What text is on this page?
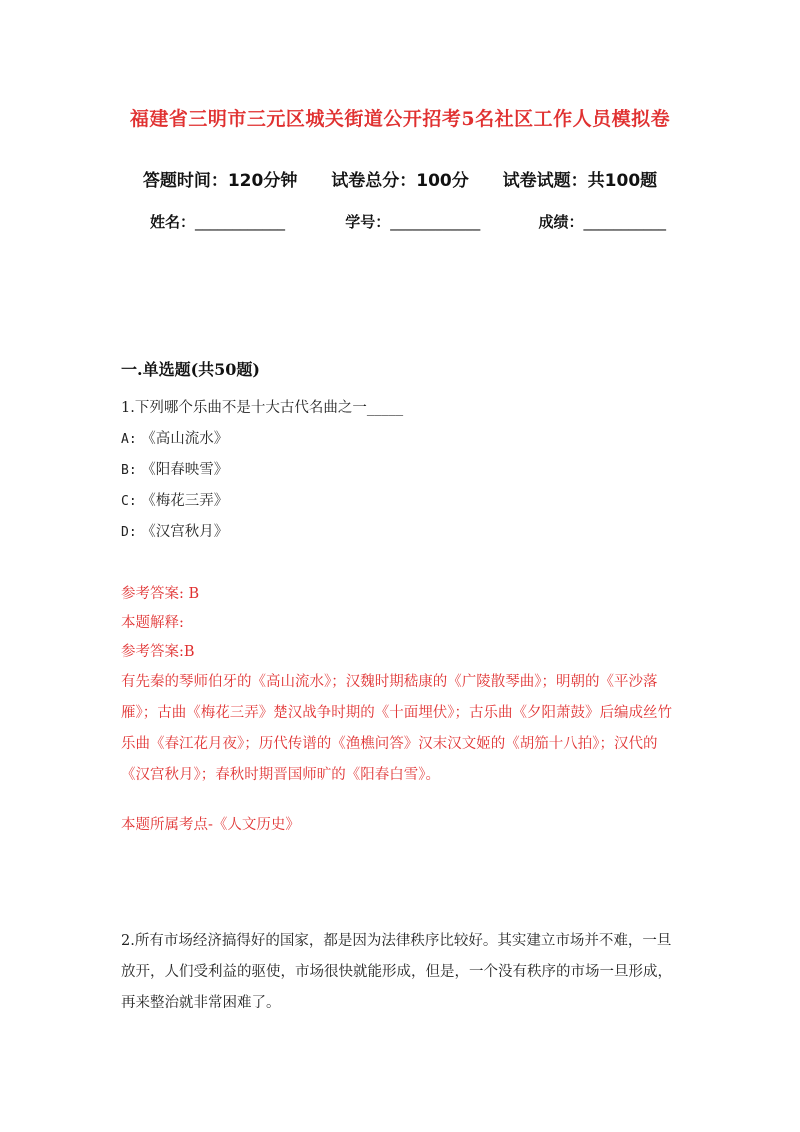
福建省三明市三元区城关街道公开招考5名社区工作人员模拟卷
答题时间：120分钟 试卷总分：100分 试卷试题：共100题
姓名：____________	学号：____________	成绩：___________
一.单选题(共50题)

1.下列哪个乐曲不是十大古代名曲之一_____

A: 《高山流水》

B: 《阳春映雪》

C: 《梅花三弄》

D: 《汉宫秋月》

参考答案: B

本题解释:

参考答案:B

有先秦的琴师伯牙的《高山流水》；汉魏时期嵇康的《广陵散琴曲》；明朝的《平沙落雁》；古曲《梅花三弄》楚汉战争时期的《十面埋伏》；古乐曲《夕阳萧鼓》后编成丝竹乐曲《春江花月夜》；历代传谱的《渔樵问答》汉末汉文姬的《胡笳十八拍》；汉代的《汉宫秋月》；春秋时期晋国师旷的《阳春白雪》。

本题所属考点-《人文历史》

2.所有市场经济搞得好的国家，都是因为法律秩序比较好。其实建立市场并不难，一旦放开，人们受利益的驱使，市场很快就能形成，但是，一个没有秩序的市场一旦形成，再来整治就非常困难了。
